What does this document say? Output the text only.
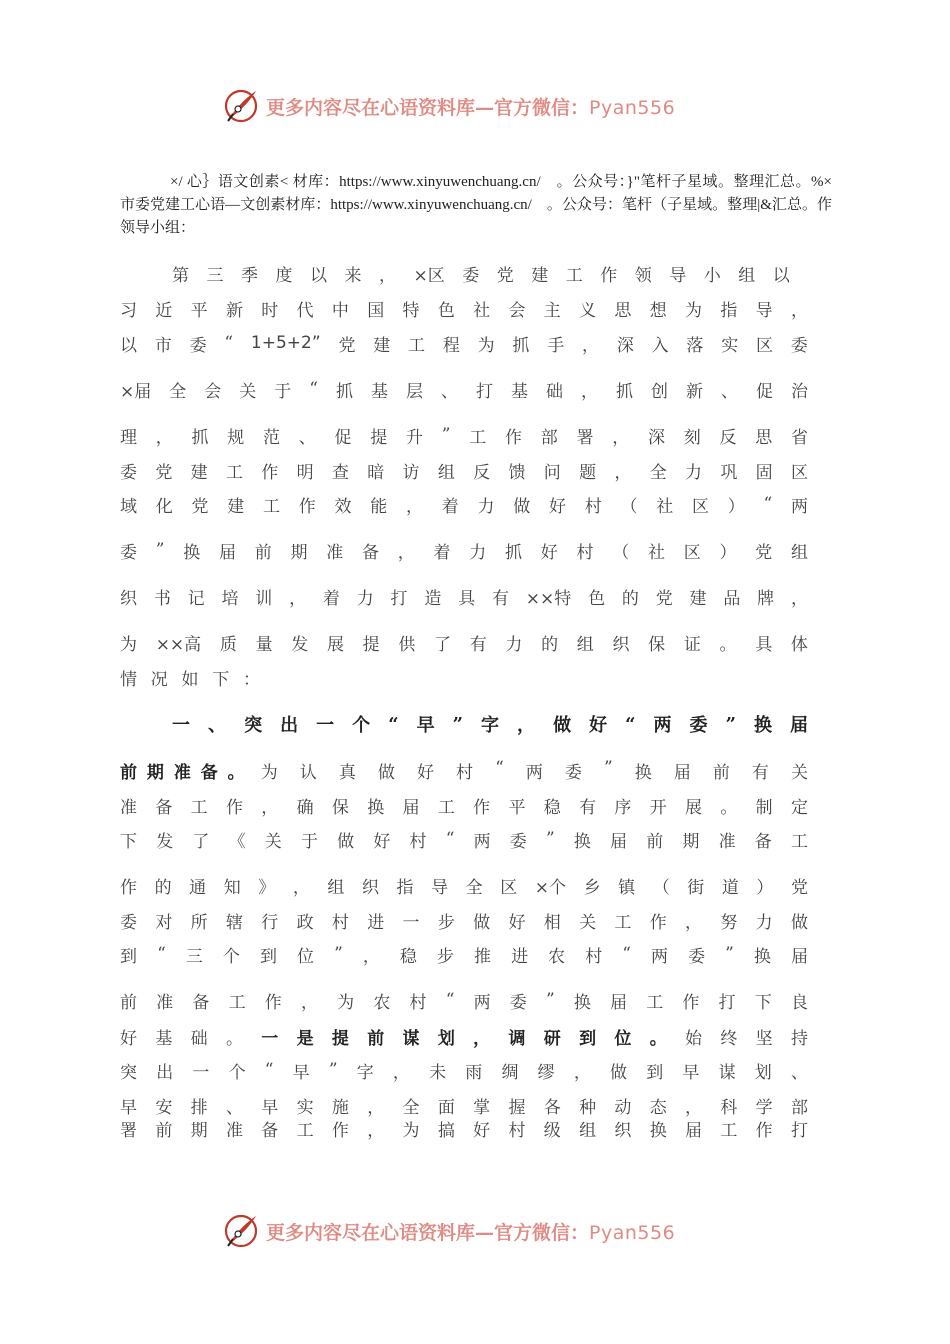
更多内容尽在心语资料库—官方微信：Pyan556
×/ 心｝语文创素< 材库：https://www.xinyuwenchuang.cn/　。公众号：}"笔杆子星域。整理汇总。%×　市委党建工心语—文创素材库：https://www.xinyuwenchuang.cn/　。公众号：笔杆（子星域。整理|&汇总。作领导小组：
第 三 季 度 以 来 ， ×区 委 党 建 工 作 领 导 小 组 以
习 近 平 新 时 代 中 国 特 色 社 会 主 义 思 想 为 指 导 ，
以 市 委 “ 1+5+2” 党 建 工 程 为 抓 手 ， 深 入 落 实 区 委
×届 全 会 关 于 “ 抓 基 层 、 打 基 础 ， 抓 创 新 、 促 治
理 ， 抓 规 范 、 促 提 升 ” 工 作 部 署 ， 深 刻 反 思 省
委 党 建 工 作 明 查 暗 访 组 反 馈 问 题 ， 全 力 巩 固 区
域 化 党 建 工 作 效 能 ， 着 力 做 好 村 （ 社 区 ） “ 两
委 ” 换 届 前 期 准 备 ， 着 力 抓 好 村 （ 社 区 ） 党 组
织 书 记 培 训 ， 着 力 打 造 具 有 ××特 色 的 党 建 品 牌 ，
为 ××高 质 量 发 展 提 供 了 有 力 的 组 织 保 证 。 具 体
情 况 如 下 ：
一 、 突 出 一 个 “ 早 ” 字 ， 做 好 “ 两 委 ” 换 届
前 期 准 备 。 为 认 真 做 好 村 “ 两 委 ” 换 届 前 有 关
准 备 工 作 ， 确 保 换 届 工 作 平 稳 有 序 开 展 。 制 定
下 发 了 《 关 于 做 好 村 “ 两 委 ” 换 届 前 期 准 备 工
作 的 通 知 》 ， 组 织 指 导 全 区 ×个 乡 镇 （ 街 道 ） 党
委 对 所 辖 行 政 村 进 一 步 做 好 相 关 工 作 ， 努 力 做
到 “ 三 个 到 位 ” ， 稳 步 推 进 农 村 “ 两 委 ” 换 届
前 准 备 工 作 ， 为 农 村 “ 两 委 ” 换 届 工 作 打 下 良
好 基 础 。 一 是 提 前 谋 划 ， 调 研 到 位 。 始 终 坚 持
突 出 一 个 “ 早 ” 字 ， 未 雨 绸 缪 ， 做 到 早 谋 划 、
早 安 排 、 早 实 施 ， 全 面 掌 握 各 种 动 态 ， 科 学 部
署 前 期 准 备 工 作 ， 为 搞 好 村 级 组 织 换 届 工 作 打
更多内容尽在心语资料库—官方微信：Pyan556
